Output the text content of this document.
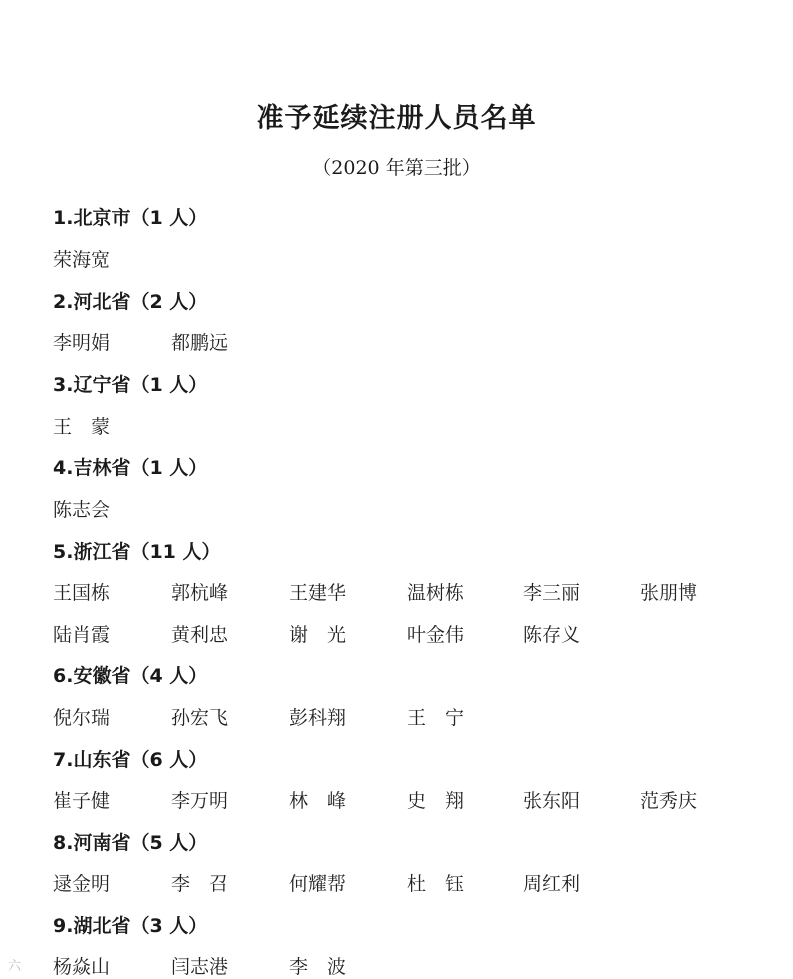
准予延续注册人员名单
（2020 年第三批）
1.北京市（1 人）
荣海宽
2.河北省（2 人）
李明娟	都鹏远
3.辽宁省（1 人）
王　蒙
4.吉林省（1 人）
陈志会
5.浙江省（11 人）
王国栋	郭杭峰	王建华	温树栋	李三丽	张朋博
陆肖霞	黄利忠	谢　光	叶金伟	陈存义
6.安徽省（4 人）
倪尔瑞	孙宏飞	彭科翔	王　宁
7.山东省（6 人）
崔子健	李万明	林　峰	史　翔	张东阳	范秀庆
8.河南省（5 人）
逯金明	李　召	何耀帮	杜　钰	周红利
9.湖北省（3 人）
杨焱山	闫志港	李　波
六
